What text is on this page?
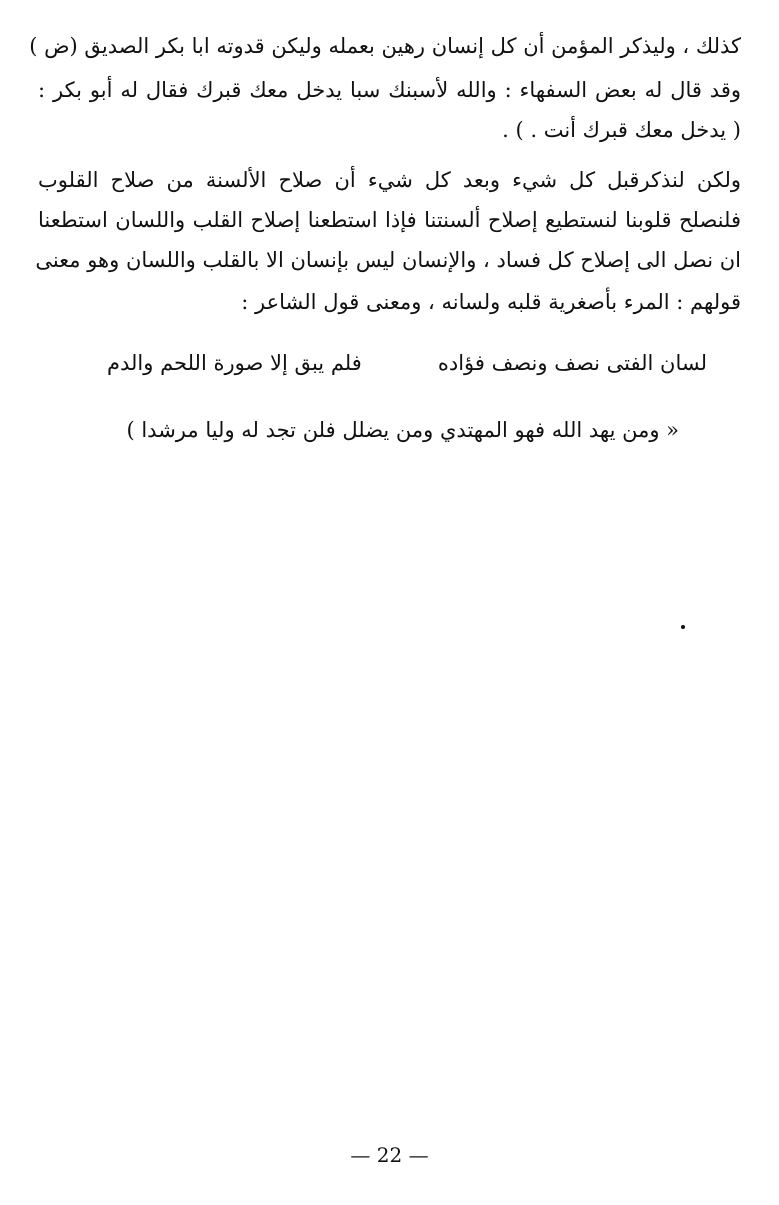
كذلك ، وليذكر المؤمن أن كل إنسان رهين بعمله وليكن قدوته ابا بكر الصديق (ض )
وقد قال له بعض السفهاء : والله لأسبنك سبا يدخل معك قبرك فقال له أبو بكر :
( يدخل معك قبرك أنت . ) .
ولكن لنذكرقبل كل شيء وبعد كل شيء أن صلاح الألسنة من صلاح القلوب
فلنصلح قلوبنا لنستطيع إصلاح ألسنتنا فإذا استطعنا إصلاح القلب واللسان استطعنا
ان نصل الى إصلاح كل فساد ، والإنسان ليس بإنسان الا بالقلب واللسان وهو معنى
قولهم : المرء بأصغرية قلبه ولسانه ، ومعنى قول الشاعر :
لسان الفتى نصف ونصف فؤاده
فلم يبق إلا صورة اللحم والدم
« ومن يهد الله فهو المهتدي ومن يضلل فلن تجد له وليا مرشدا )
— 22 —
